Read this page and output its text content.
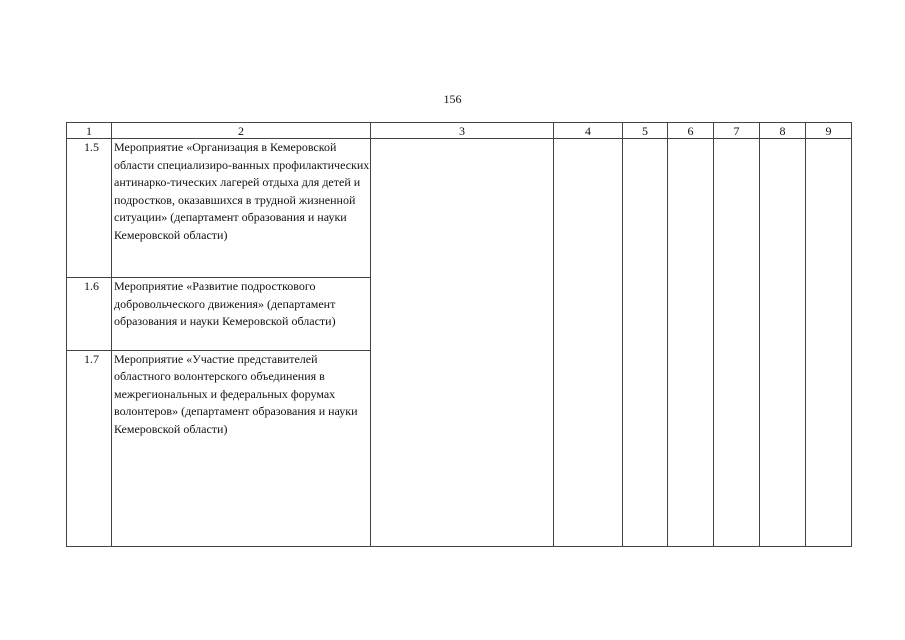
156
1	2	3	4	5	6	7	8	9
1.5	Мероприятие «Организация в Кемеровской области специализиро-ванных профилактических антинарко-тических лагерей отдыха для детей и подростков, оказавшихся в трудной жизненной ситуации» (департамент образования и науки Кемеровской области)							
1.6	Мероприятие «Развитие подросткового добровольческого движения» (департамент образования и науки Кемеровской области)							
1.7	Мероприятие «Участие представителей областного волонтерского объединения в межрегиональных и федеральных форумах волонтеров» (департамент образования и науки Кемеровской области)							
